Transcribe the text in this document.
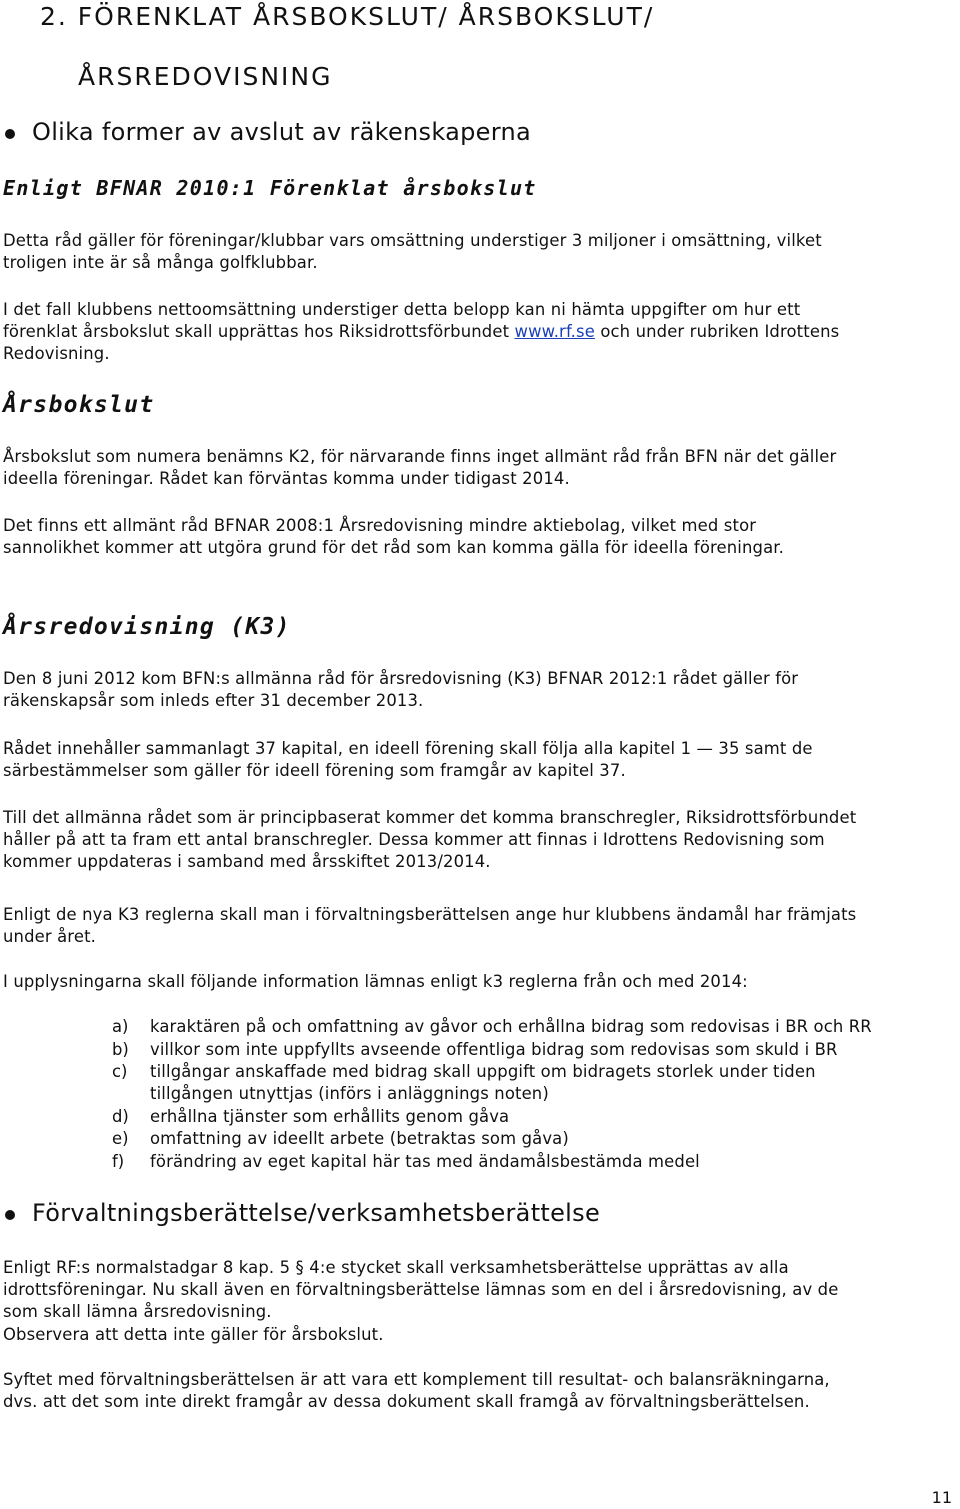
2. FÖRENKLAT ÅRSBOKSLUT/ ÅRSBOKSLUT/
ÅRSREDOVISNING
Olika former av avslut av räkenskaperna
Enligt BFNAR 2010:1 Förenklat årsbokslut
Detta råd gäller för föreningar/klubbar vars omsättning understiger 3 miljoner i omsättning, vilket
troligen inte är så många golfklubbar.
I det fall klubbens nettoomsättning understiger detta belopp kan ni hämta uppgifter om hur ett
förenklat årsbokslut skall upprättas hos Riksidrottsförbundet www.rf.se och under rubriken Idrottens
Redovisning.
Årsbokslut
Årsbokslut som numera benämns K2, för närvarande finns inget allmänt råd från BFN när det gäller
ideella föreningar. Rådet kan förväntas komma under tidigast 2014.
Det finns ett allmänt råd BFNAR 2008:1 Årsredovisning mindre aktiebolag, vilket med stor
sannolikhet kommer att utgöra grund för det råd som kan komma gälla för ideella föreningar.
Årsredovisning (K3)
Den 8 juni 2012 kom BFN:s allmänna råd för årsredovisning (K3) BFNAR 2012:1 rådet gäller för
räkenskapsår som inleds efter 31 december 2013.
Rådet innehåller sammanlagt 37 kapital, en ideell förening skall följa alla kapitel 1 — 35 samt de
särbestämmelser som gäller för ideell förening som framgår av kapitel 37.
Till det allmänna rådet som är principbaserat kommer det komma branschregler, Riksidrottsförbundet
håller på att ta fram ett antal branschregler. Dessa kommer att finnas i Idrottens Redovisning som
kommer uppdateras i samband med årsskiftet 2013/2014.
Enligt de nya K3 reglerna skall man i förvaltningsberättelsen ange hur klubbens ändamål har främjats
under året.
I upplysningarna skall följande information lämnas enligt k3 reglerna från och med 2014:
a) karaktären på och omfattning av gåvor och erhållna bidrag som redovisas i BR och RR
b) villkor som inte uppfyllts avseende offentliga bidrag som redovisas som skuld i BR
c) tillgångar anskaffade med bidrag skall uppgift om bidragets storlek under tiden
tillgången utnyttjas (införs i anläggnings noten)
d) erhållna tjänster som erhållits genom gåva
e) omfattning av ideellt arbete (betraktas som gåva)
f) förändring av eget kapital här tas med ändamålsbestämda medel
Förvaltningsberättelse/verksamhetsberättelse
Enligt RF:s normalstadgar 8 kap. 5 § 4:e stycket skall verksamhetsberättelse upprättas av alla
idrottsföreningar. Nu skall även en förvaltningsberättelse lämnas som en del i årsredovisning, av de
som skall lämna årsredovisning.
Observera att detta inte gäller för årsbokslut.
Syftet med förvaltningsberättelsen är att vara ett komplement till resultat- och balansräkningarna,
dvs. att det som inte direkt framgår av dessa dokument skall framgå av förvaltningsberättelsen.
11
